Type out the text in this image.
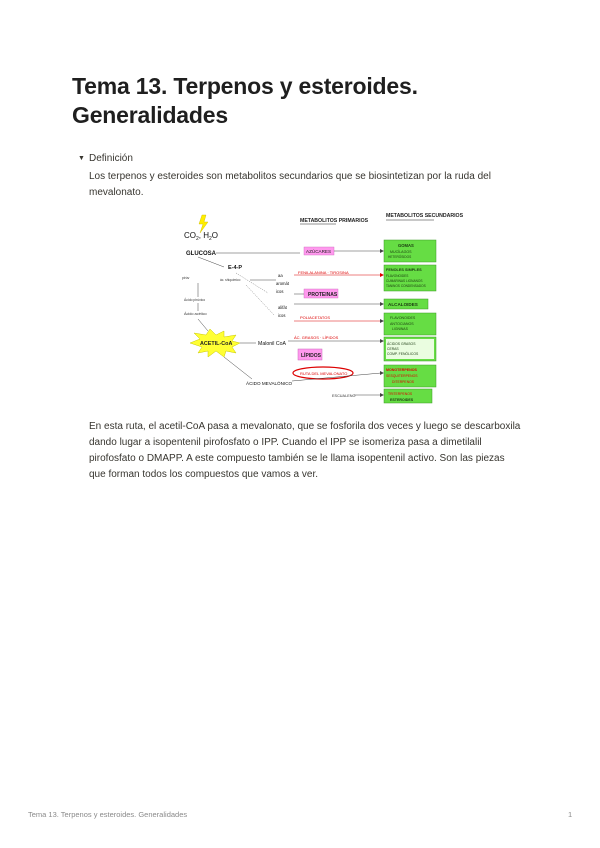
Tema 13. Terpenos y esteroides. Generalidades
▼ Definición

Los terpenos y esteroides son metabolitos secundarios que se biosintetizan por la ruda del mevalonato.

METABOLITOS PRIMARIOS
METABOLITOS SECUNDARIOS
$CO_2$, $H_2O$
GLUCOSA	AZÚCARES
GOMAS
MUCÍLAGOS
HETERÓSIDOS
E-4-P
pirúv	ác. shiquímico
aa
aromát
icos
FENILALANINA · TIROSINA	FENOLES SIMPLES
FLAVONOIDES
CUMARINAS LIGNANOS
TANINOS CONDENSADOS
PROTEINAS
alifát
icos
ALCALOIDES
Ácido pirúvico
Ácido acético
POLIACETATOS	FLAVONOIDES
ANTOCIANOS
LIGNINAS
ACETIL-CoA	Malonil CoA
ÁC. GRASOS · LÍPIDOS
ÁCIDOS GRASOS
CERAS
COMP. FENÓLICOS
LÍPIDOS
ÁCIDO MEVALÓNICO
RUTA DEL MEVALONATO
MONOTERPENOS
SESQUITERPENOS
DITERPENOS
ESCUALENO	TRITERPENOS
ESTEROIDES

En esta ruta, el acetil-CoA pasa a mevalonato, que se fosforila dos veces y luego se descarboxila dando lugar a isopentenil pirofosfato o IPP. Cuando el IPP se isomeriza pasa a dimetilalil pirofosfato o DMAPP. A este compuesto también se le llama isopentenil activo. Son las piezas que forman todos los compuestos que vamos a ver.

Tema 13. Terpenos y esteroides. Generalidades	1
